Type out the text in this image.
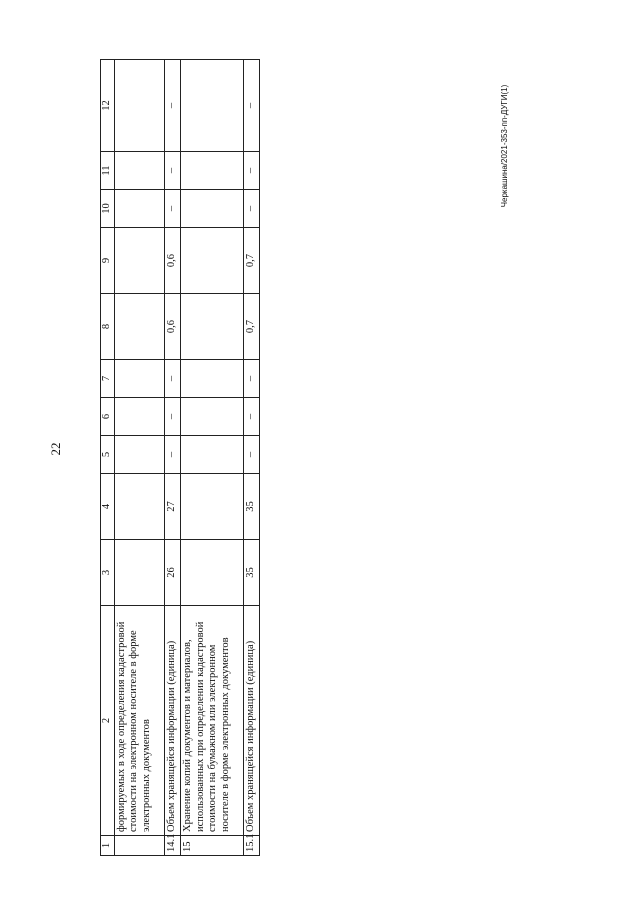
22
Черкашина/2021-353-пп-ДУГИ(1)
1	2	3	4	5	6	7	8	9	10	11	12
	формируемых в ходе определения кадастровой стоимости на электронном носителе в форме электронных документов										
14.1	Объем хранящейся информации (единица)	26	27	–	–	–	0,6	0,6	–	–	–
15	Хранение копий документов и материалов, использованных при определении кадастровой стоимости на бумажном или электронном носителе в форме электронных документов										
15.1	Объем хранящейся информации (единица)	35	35	–	–	–	0,7	0,7	–	–	–
